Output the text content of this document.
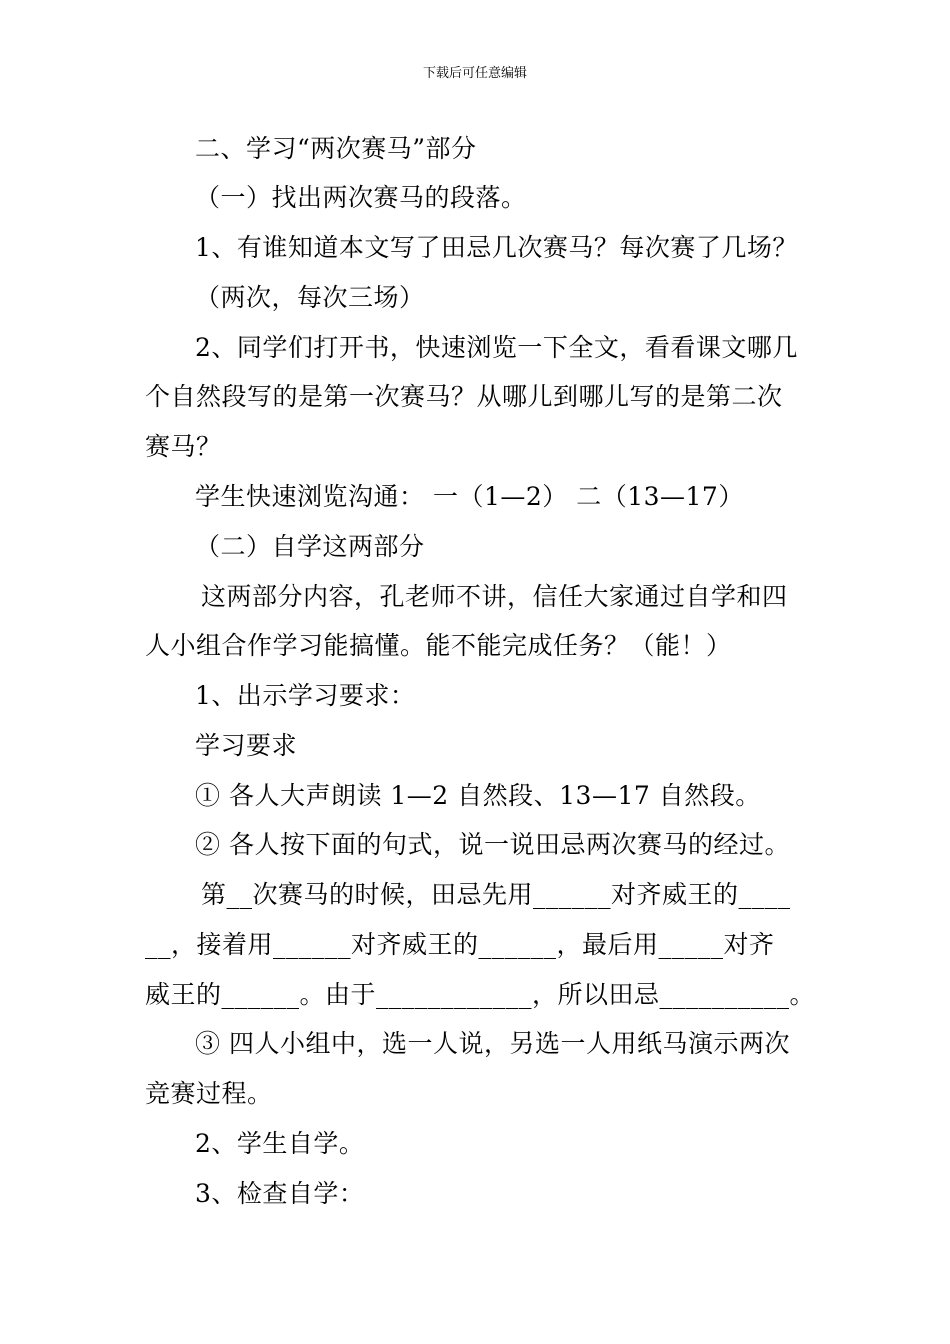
下载后可任意编辑
二、学习“两次赛马”部分
（一）找出两次赛马的段落。
1、有谁知道本文写了田忌几次赛马？每次赛了几场？
（两次，每次三场）
2、同学们打开书，快速浏览一下全文，看看课文哪几
个自然段写的是第一次赛马？从哪儿到哪儿写的是第二次
赛马？
学生快速浏览沟通： 一（1—2） 二（13—17）
（二）自学这两部分
这两部分内容，孔老师不讲，信任大家通过自学和四
人小组合作学习能搞懂。能不能完成任务？（能！）
1、出示学习要求：
学习要求
① 各人大声朗读 1—2 自然段、13—17 自然段。
② 各人按下面的句式，说一说田忌两次赛马的经过。
第__次赛马的时候，田忌先用______对齐威王的____
__，接着用______对齐威王的______，最后用_____对齐
威王的______。由于____________，所以田忌__________。
③ 四人小组中，选一人说，另选一人用纸马演示两次
竞赛过程。
2、学生自学。
3、检查自学：
